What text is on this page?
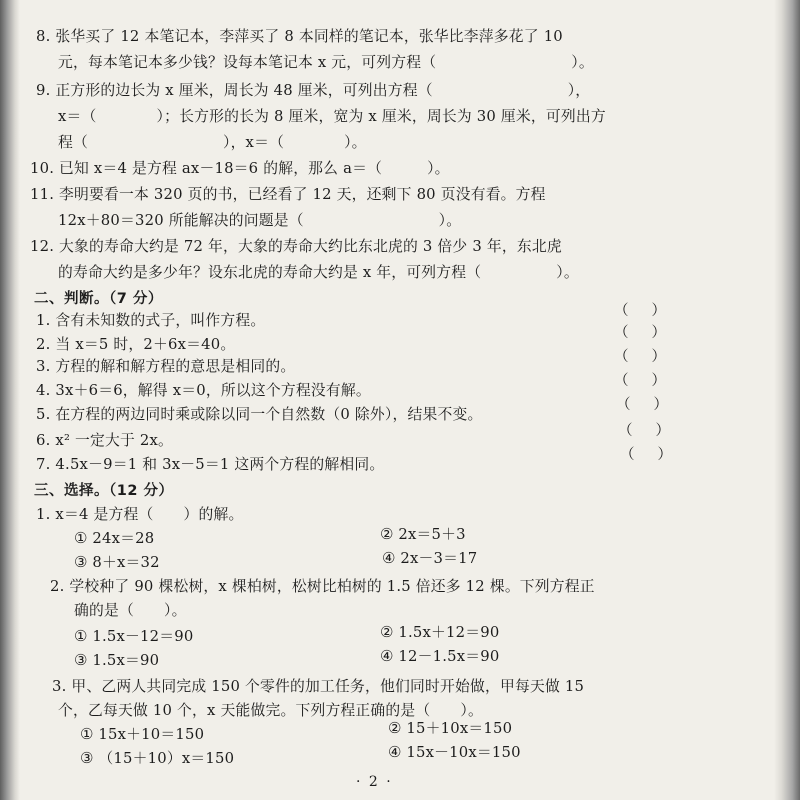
8. 张华买了 12 本笔记本，李萍买了 8 本同样的笔记本，张华比李萍多花了 10
元，每本笔记本多少钱？设每本笔记本 x 元，可列方程（　　　　　　　　　）。
9. 正方形的边长为 x 厘米，周长为 48 厘米，可列出方程（　　　　　　　　　），
x＝（　　　　）；长方形的长为 8 厘米，宽为 x 厘米，周长为 30 厘米，可列出方
程（　　　　　　　　　），x＝（　　　　）。
10. 已知 x＝4 是方程 ax－18＝6 的解，那么 a＝（　　　）。
11. 李明要看一本 320 页的书，已经看了 12 天，还剩下 80 页没有看。方程
12x＋80＝320 所能解决的问题是（　　　　　　　　　）。
12. 大象的寿命大约是 72 年，大象的寿命大约比东北虎的 3 倍少 3 年，东北虎
的寿命大约是多少年？设东北虎的寿命大约是 x 年，可列方程（　　　　　）。
二、判断。（7 分）
1. 含有未知数的式子，叫作方程。
（ ）
2. 当 x＝5 时，2＋6x＝40。
（ ）
3. 方程的解和解方程的意思是相同的。
（ ）
4. 3x＋6＝6，解得 x＝0，所以这个方程没有解。
（ ）
5. 在方程的两边同时乘或除以同一个自然数（0 除外），结果不变。
（ ）
6. x² 一定大于 2x。
（ ）
7. 4.5x－9＝1 和 3x－5＝1 这两个方程的解相同。
（ ）
三、选择。（12 分）
1. x＝4 是方程（　　）的解。
② 2x＝5＋3
① 24x＝28
④ 2x－3＝17
③ 8＋x＝32
2. 学校种了 90 棵松树，x 棵柏树，松树比柏树的 1.5 倍还多 12 棵。下列方程正
确的是（　　）。
② 1.5x＋12＝90
① 1.5x－12＝90
④ 12－1.5x＝90
③ 1.5x＝90
3. 甲、乙两人共同完成 150 个零件的加工任务，他们同时开始做，甲每天做 15
个，乙每天做 10 个，x 天能做完。下列方程正确的是（　　）。
② 15＋10x＝150
① 15x＋10＝150
④ 15x－10x＝150
③ （15＋10）x＝150
· 2 ·
